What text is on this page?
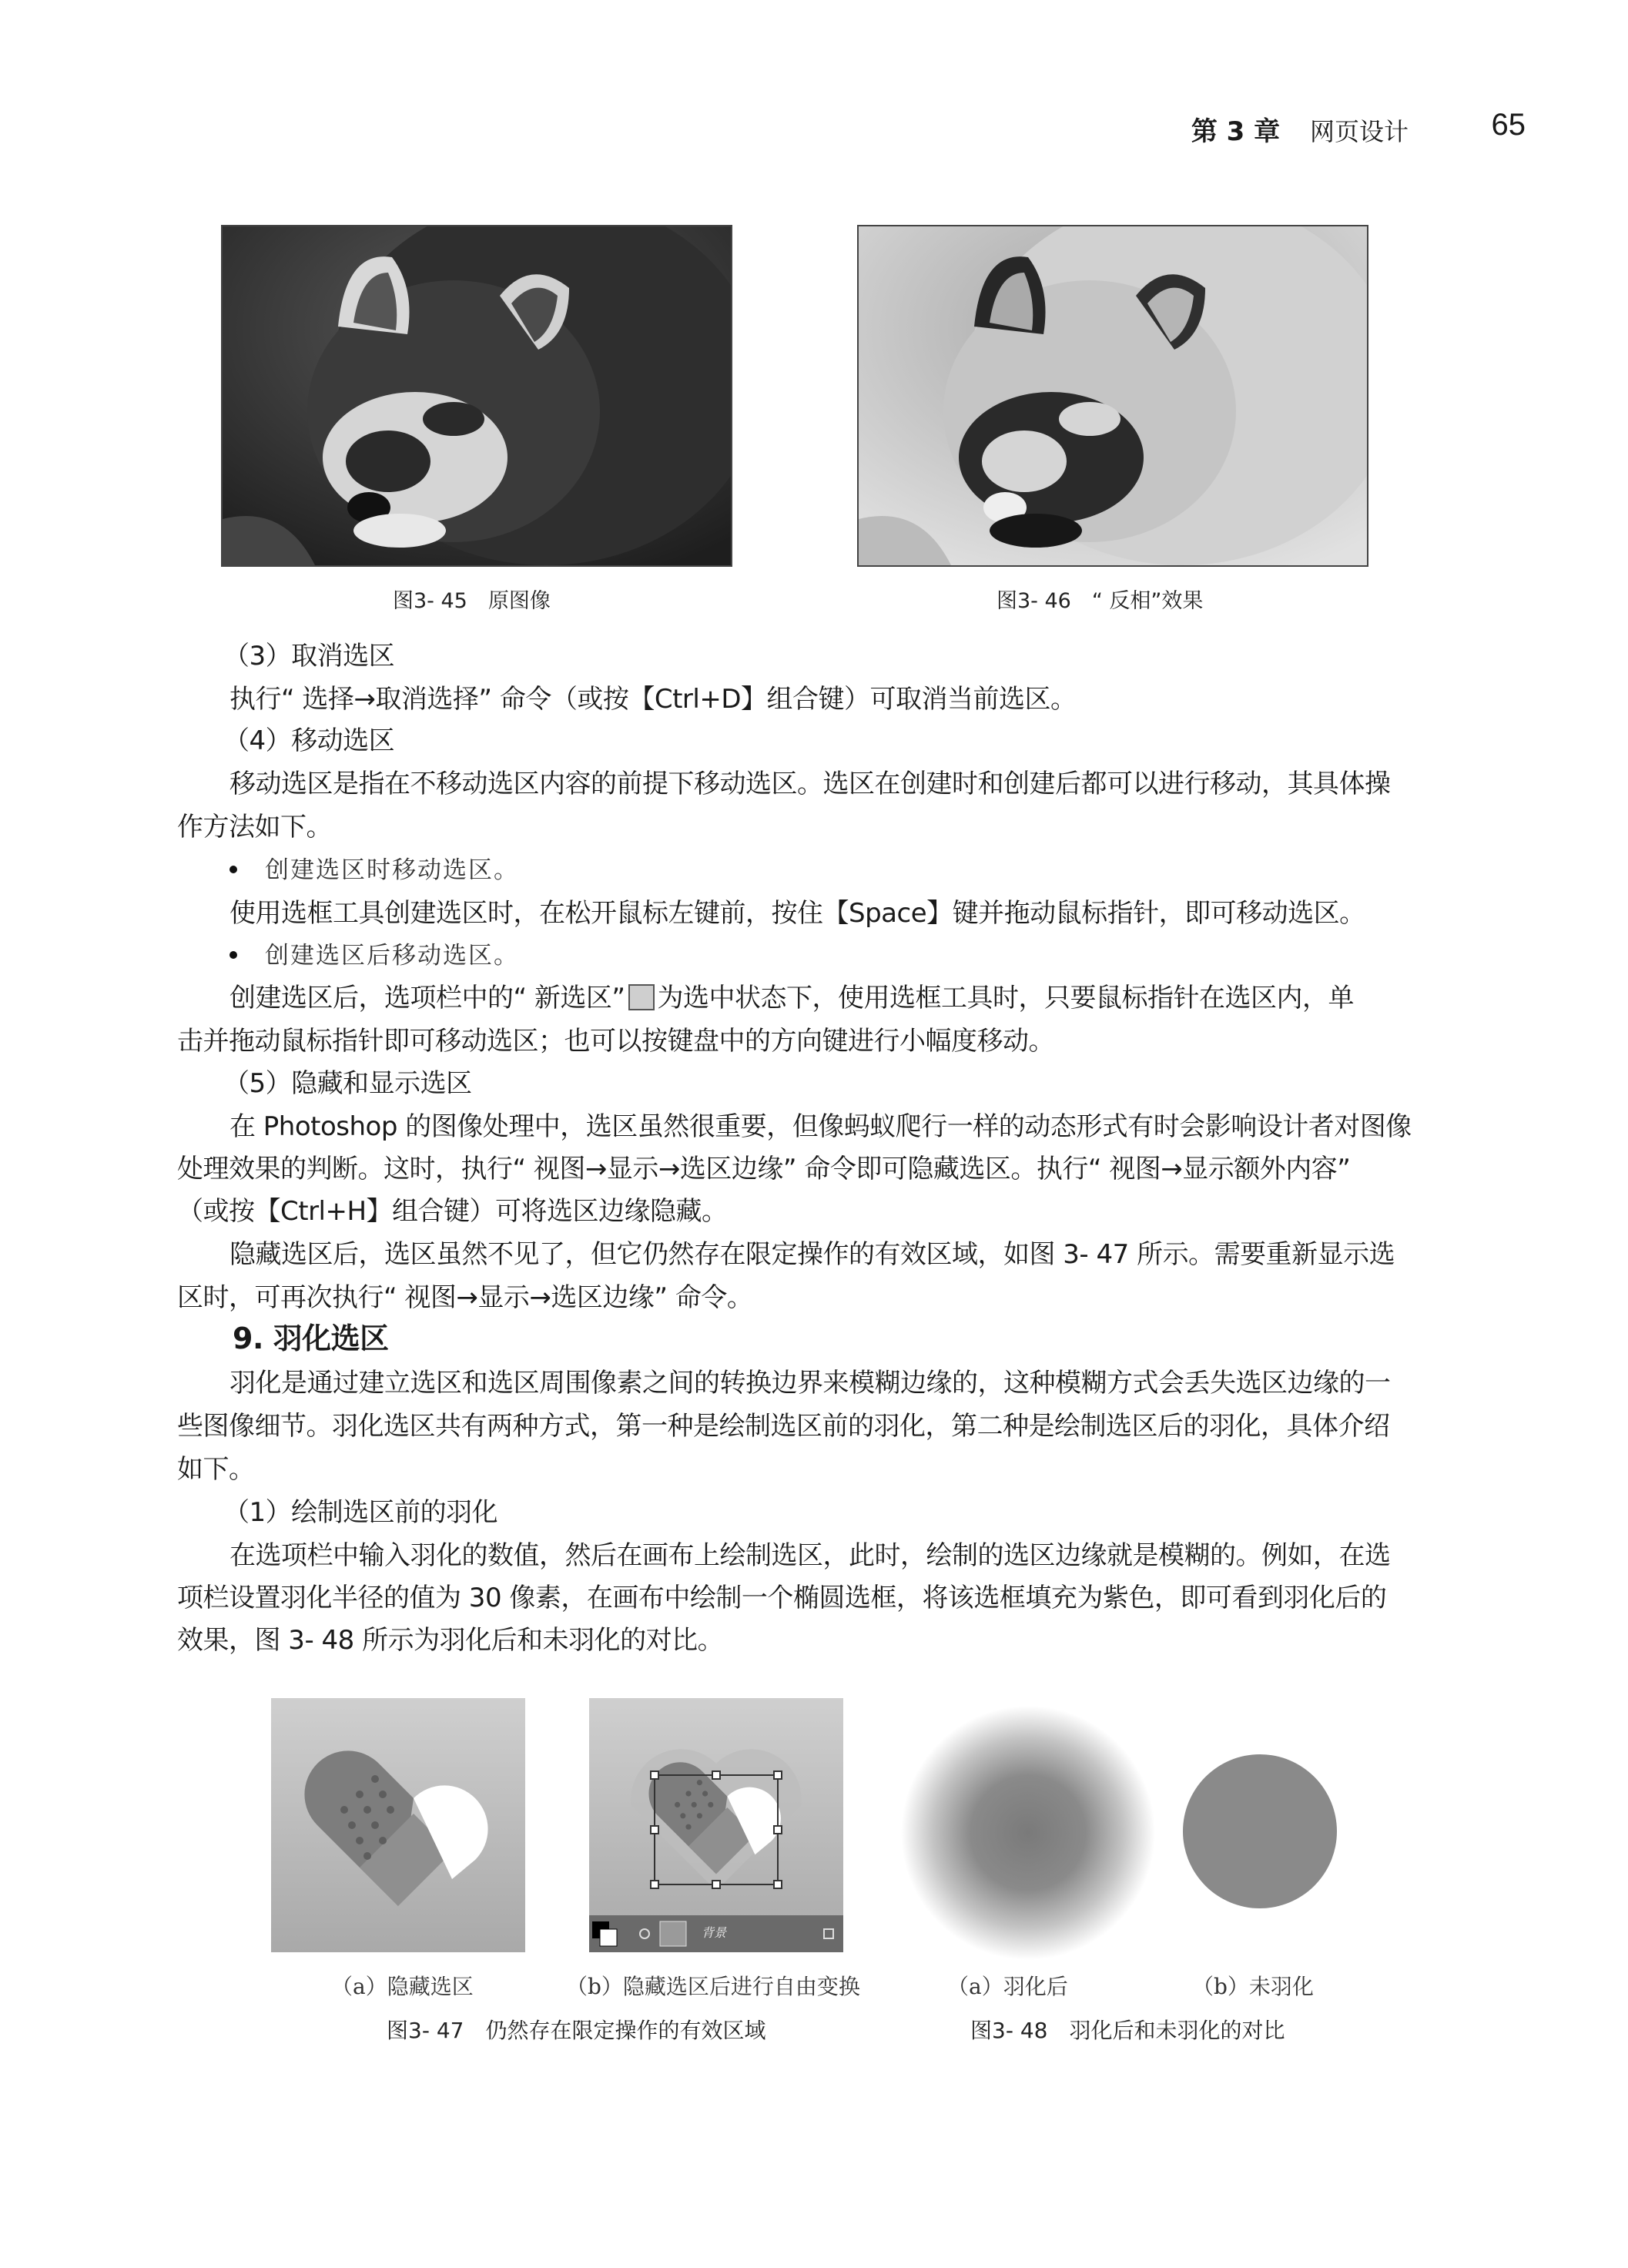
第 3 章 网页设计	65
图3- 45　原图像	图3- 46　“ 反相”效果
（3）取消选区
执行“ 选择→取消选择” 命令（或按【Ctrl+D】组合键）可取消当前选区。
（4）移动选区
移动选区是指在不移动选区内容的前提下移动选区。选区在创建时和创建后都可以进行移动，其具体操
作方法如下。
创建选区时移动选区。
使用选框工具创建选区时，在松开鼠标左键前，按住【Space】键并拖动鼠标指针，即可移动选区。
创建选区后移动选区。
创建选区后，选项栏中的“ 新选区” 为选中状态下，使用选框工具时，只要鼠标指针在选区内，单
击并拖动鼠标指针即可移动选区；也可以按键盘中的方向键进行小幅度移动。
（5）隐藏和显示选区
在 Photoshop 的图像处理中，选区虽然很重要，但像蚂蚁爬行一样的动态形式有时会影响设计者对图像
处理效果的判断。这时，执行“ 视图→显示→选区边缘” 命令即可隐藏选区。执行“ 视图→显示额外内容”
（或按【Ctrl+H】组合键）可将选区边缘隐藏。
隐藏选区后，选区虽然不见了，但它仍然存在限定操作的有效区域，如图 3- 47 所示。需要重新显示选
区时，可再次执行“ 视图→显示→选区边缘” 命令。
9. 羽化选区
羽化是通过建立选区和选区周围像素之间的转换边界来模糊边缘的，这种模糊方式会丢失选区边缘的一
些图像细节。羽化选区共有两种方式，第一种是绘制选区前的羽化，第二种是绘制选区后的羽化，具体介绍
如下。
（1）绘制选区前的羽化
在选项栏中输入羽化的数值，然后在画布上绘制选区，此时，绘制的选区边缘就是模糊的。例如，在选
项栏设置羽化半径的值为 30 像素，在画布中绘制一个椭圆选框，将该选框填充为紫色，即可看到羽化后的
效果，图 3- 48 所示为羽化后和未羽化的对比。
背景
（a）隐藏选区	（b）隐藏选区后进行自由变换
图3- 47　仍然存在限定操作的有效区域
（a）羽化后	（b）未羽化
图3- 48　羽化后和未羽化的对比
